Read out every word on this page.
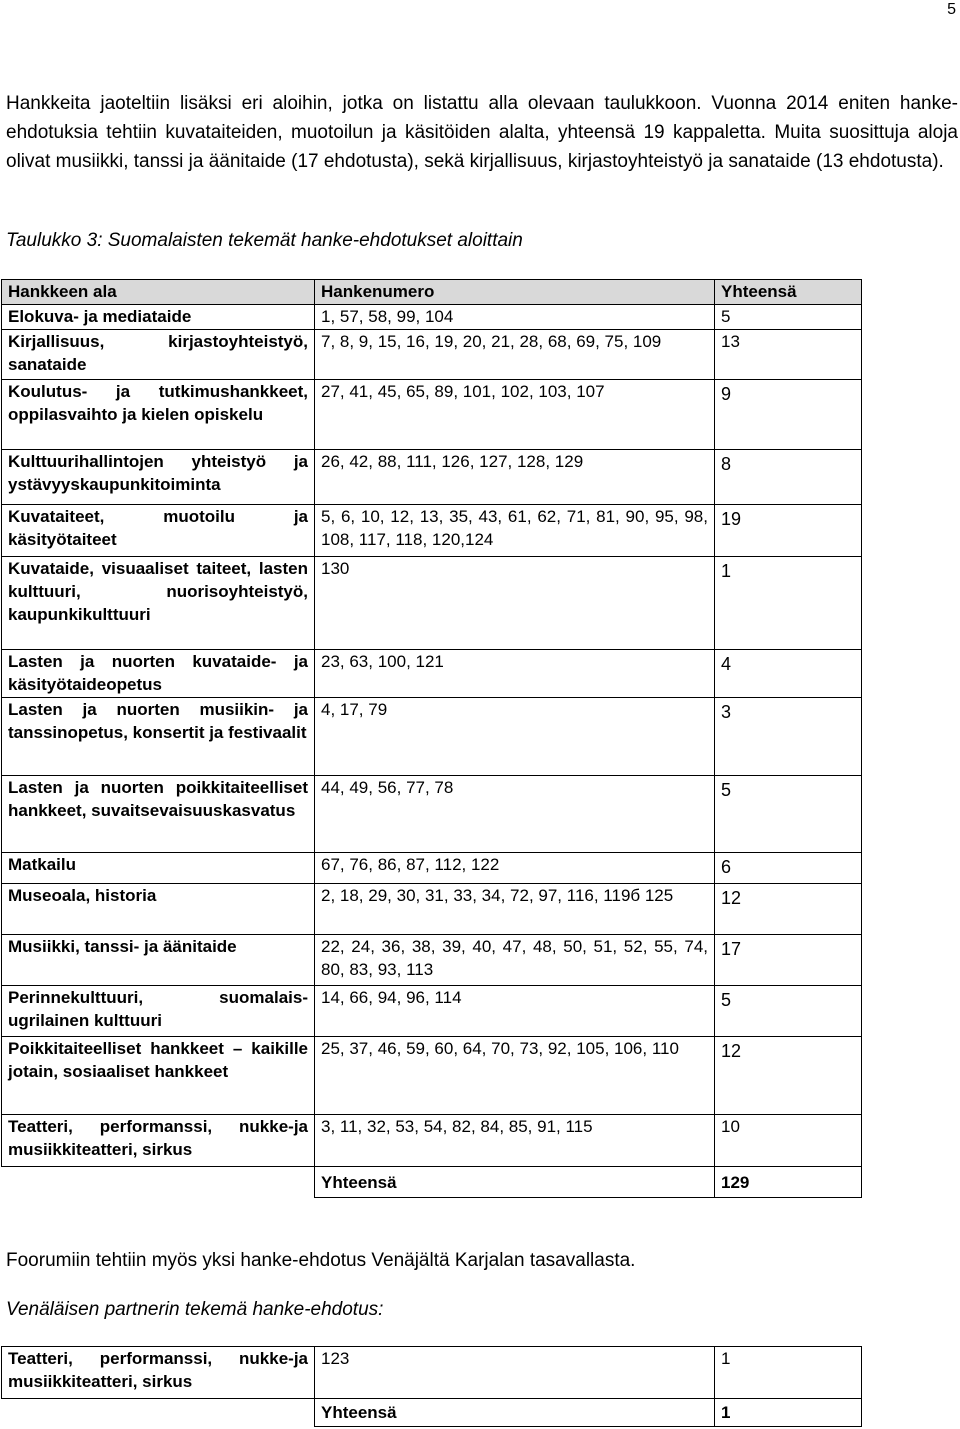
5

Hankkeita jaoteltiin lisäksi eri aloihin, jotka on listattu alla olevaan taulukkoon. Vuonna 2014 eniten hanke-ehdotuksia tehtiin kuvataiteiden, muotoilun ja käsitöiden alalta, yhteensä 19 kappaletta. Muita suosittuja aloja olivat musiikki, tanssi ja äänitaide (17 ehdotusta), sekä kirjallisuus, kirjastoyhteistyö ja sanataide (13 ehdotusta).

Taulukko 3: Suomalaisten tekemät hanke-ehdotukset aloittain

Hankkeen ala	Hankenumero	Yhteensä
Elokuva- ja mediataide	1, 57, 58, 99, 104	5
Kirjallisuus, kirjastoyhteistyö, sanataide	7, 8, 9, 15, 16, 19, 20, 21, 28, 68, 69, 75, 109	13
Koulutus- ja tutkimushankkeet, oppilasvaihto ja kielen opiskelu	27, 41, 45, 65, 89, 101, 102, 103, 107	9
Kulttuurihallintojen yhteistyö ja ystävyyskaupunkitoiminta	26, 42, 88, 111, 126, 127, 128, 129	8
Kuvataiteet, muotoilu ja käsityötaiteet	5, 6, 10, 12, 13, 35, 43, 61, 62, 71, 81, 90, 95, 98, 108, 117, 118, 120,124	19
Kuvataide, visuaaliset taiteet, lasten kulttuuri, nuorisoyhteistyö, kaupunkikulttuuri	130	1
Lasten ja nuorten kuvataide- ja käsityötaideopetus	23, 63, 100, 121	4
Lasten ja nuorten musiikin- ja tanssinopetus, konsertit ja festivaalit	4, 17, 79	3
Lasten ja nuorten poikkitaiteelliset hankkeet, suvaitsevaisuuskasvatus	44, 49, 56, 77, 78	5
Matkailu	67, 76, 86, 87, 112, 122	6
Museoala, historia	2, 18, 29, 30, 31, 33, 34, 72, 97, 116, 119б 125	12
Musiikki, tanssi- ja äänitaide	22, 24, 36, 38, 39, 40, 47, 48, 50, 51, 52, 55, 74, 80, 83, 93, 113	17
Perinnekulttuuri, suomalais-ugrilainen kulttuuri	14, 66, 94, 96, 114	5
Poikkitaiteelliset hankkeet – kaikille jotain, sosiaaliset hankkeet	25, 37, 46, 59, 60, 64, 70, 73, 92, 105, 106, 110	12
Teatteri, performanssi, nukke-ja musiikkiteatteri, sirkus	3, 11, 32, 53, 54, 82, 84, 85, 91, 115	10
	Yhteensä	129

Foorumiin tehtiin myös yksi hanke-ehdotus Venäjältä Karjalan tasavallasta.

Venäläisen partnerin tekemä hanke-ehdotus:

Teatteri, performanssi, nukke-ja musiikkiteatteri, sirkus	123	1
	Yhteensä	1
